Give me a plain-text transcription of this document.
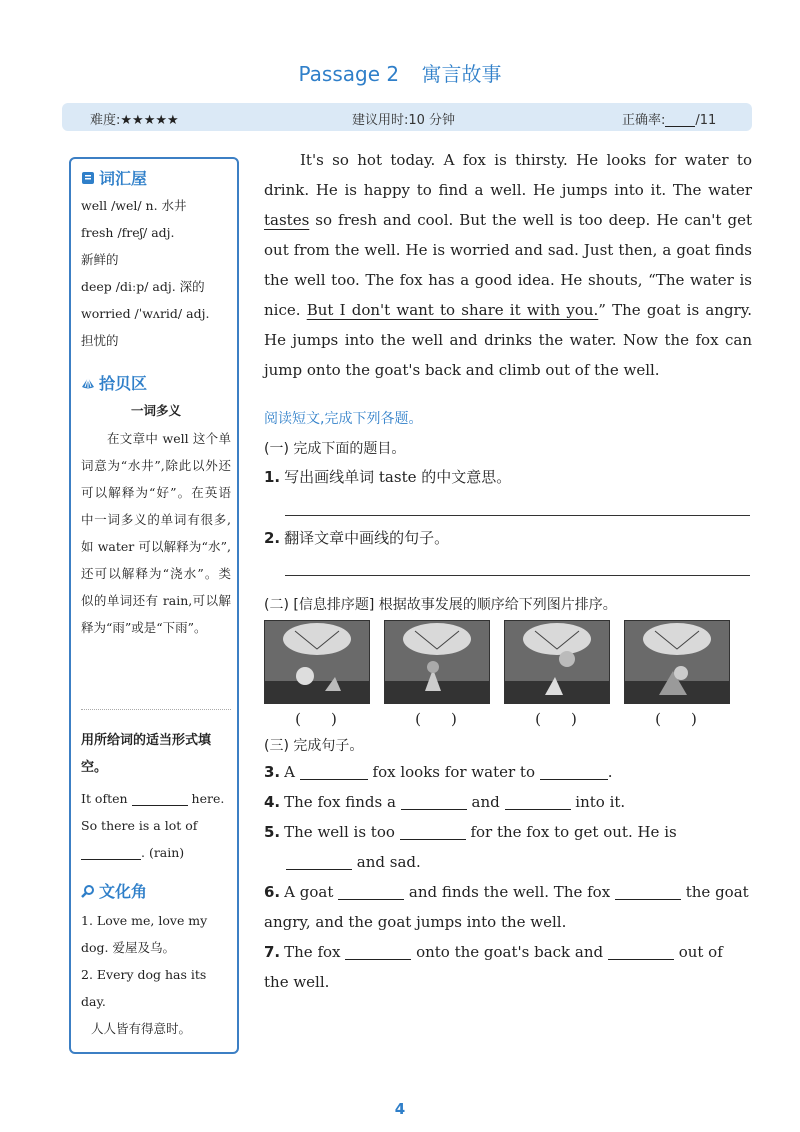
Passage 2 寓言故事
难度:★★★★★	建议用时:10 分钟	正确率: /11
词汇屋

well /wel/ n. 水井

fresh /freʃ/ adj.

新鲜的

deep /diːp/ adj. 深的

worried /ˈwʌrid/ adj.

担忧的

拾贝区
一词多义
在文章中 well 这个单词意为“水井”,除此以外还可以解释为“好”。在英语中一词多义的单词有很多,如 water 可以解释为“水”,还可以解释为“浇水”。类似的单词还有 rain,可以解释为“雨”或是“下雨”。
用所给词的适当形式填空。

It often	here.

So there is a lot of

. (rain)

文化角

1. Love me, love my dog. 爱屋及乌。

2. Every dog has its day.

人人皆有得意时。

It's so hot today. A fox is thirsty. He looks for water to drink. He is happy to find a well. He jumps into it. The water tastes so fresh and cool. But the well is too deep. He can't get out from the well. He is worried and sad. Just then, a goat finds the well too. The fox has a good idea. He shouts, “The water is nice. But I don't want to share it with you.” The goat is angry. He jumps into the well and drinks the water. Now the fox can jump onto the goat's back and climb out of the well.

阅读短文,完成下列各题。
(一) 完成下面的题目。
1. 写出画线单词 taste 的中文意思。
2. 翻译文章中画线的句子。
(二) [信息排序题] 根据故事发展的顺序给下列图片排序。
(　　)	(　　)	(　　)	(　　)
(三) 完成句子。
3. A	fox looks for water to	.
4. The fox finds a	and	into it.
5. The well is too	for the fox to get out. He is
and sad.
6. A goat	and finds the well. The fox	the goat angry, and the goat jumps into the well.
7. The fox	onto the goat's back and	out of the well.
4
